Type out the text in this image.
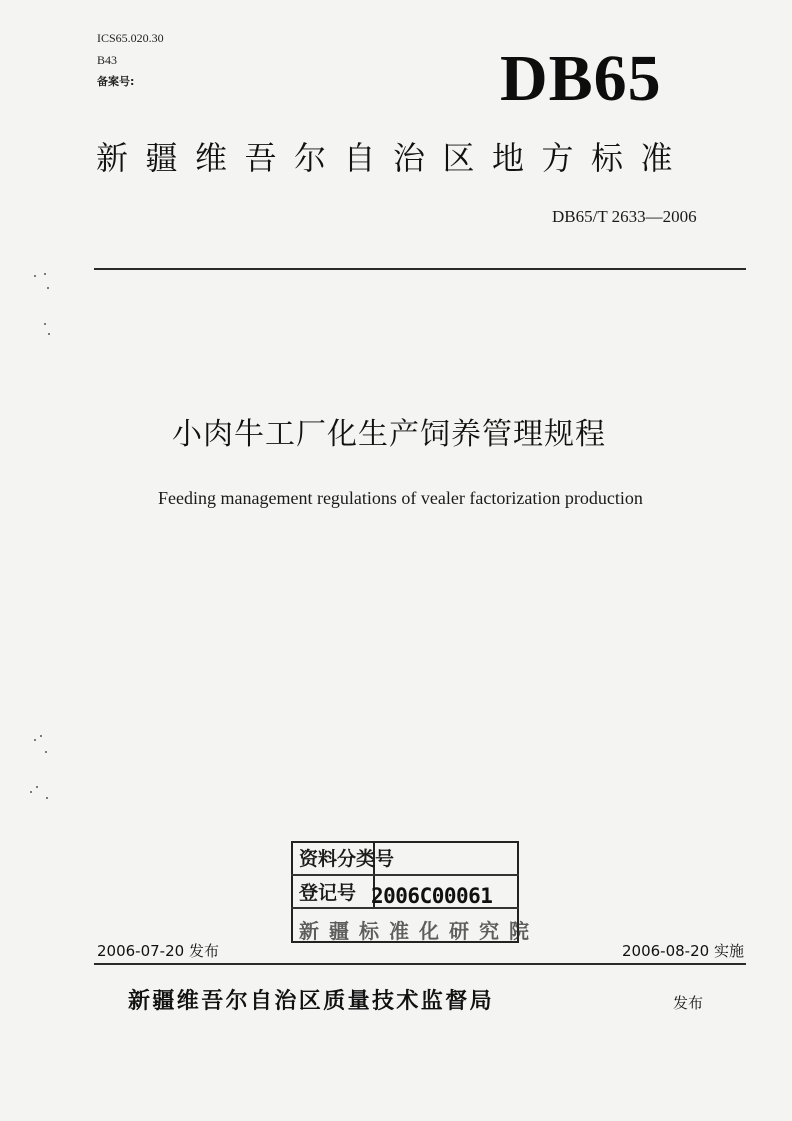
ICS65.020.30
B43
备案号:	DB65
新疆维吾尔自治区地方标准
DB65/T 2633—2006
小肉牛工厂化生产饲养管理规程
Feeding management regulations of vealer factorization production
资料分类号
登记号 2006C00061
新疆标准化研究院
2006-07-20 发布	2006-08-20 实施
新疆维吾尔自治区质量技术监督局	发布
